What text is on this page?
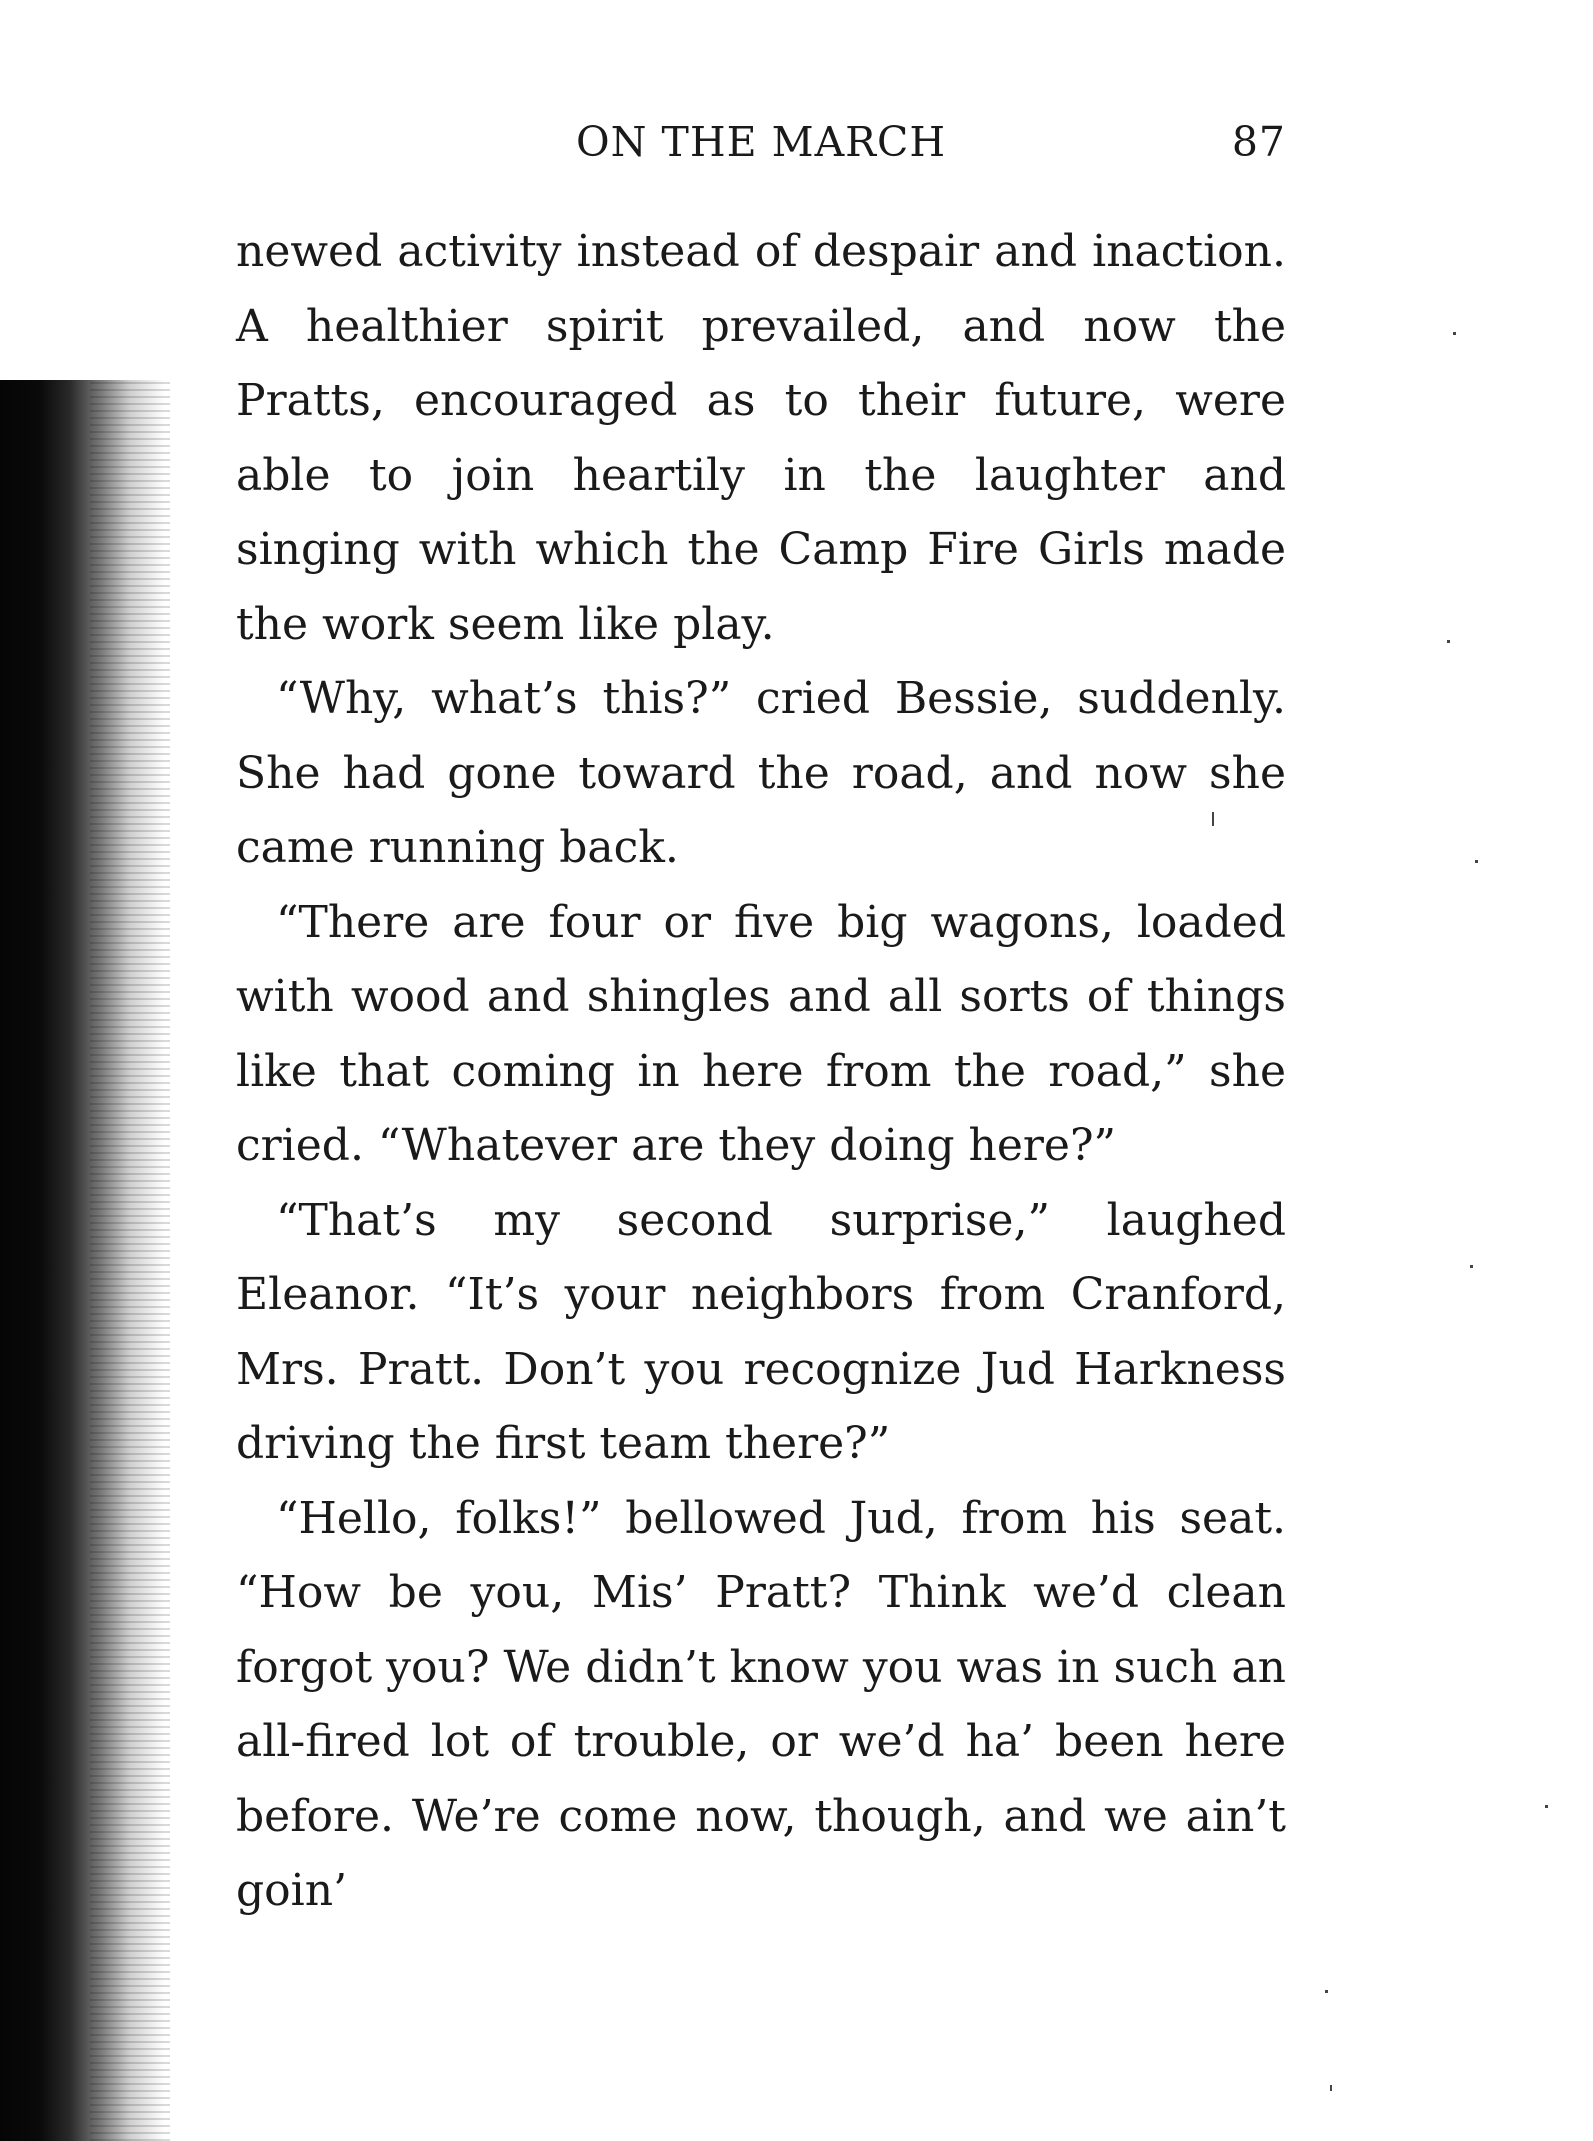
ON THE MARCH	87

newed activity instead of despair and inaction. A healthier spirit prevailed, and now the Pratts, encouraged as to their future, were able to join heartily in the laughter and singing with which the Camp Fire Girls made the work seem like play.

“Why, what’s this?” cried Bessie, suddenly. She had gone toward the road, and now she came running back.

“There are four or five big wagons, loaded with wood and shingles and all sorts of things like that coming in here from the road,” she cried. “Whatever are they doing here?”

“That’s my second surprise,” laughed Eleanor. “It’s your neighbors from Cranford, Mrs. Pratt. Don’t you recognize Jud Harkness driving the first team there?”

“Hello, folks!” bellowed Jud, from his seat. “How be you, Mis’ Pratt? Think we’d clean forgot you? We didn’t know you was in such an all-fired lot of trouble, or we’d ha’ been here before. We’re come now, though, and we ain’t goin’
